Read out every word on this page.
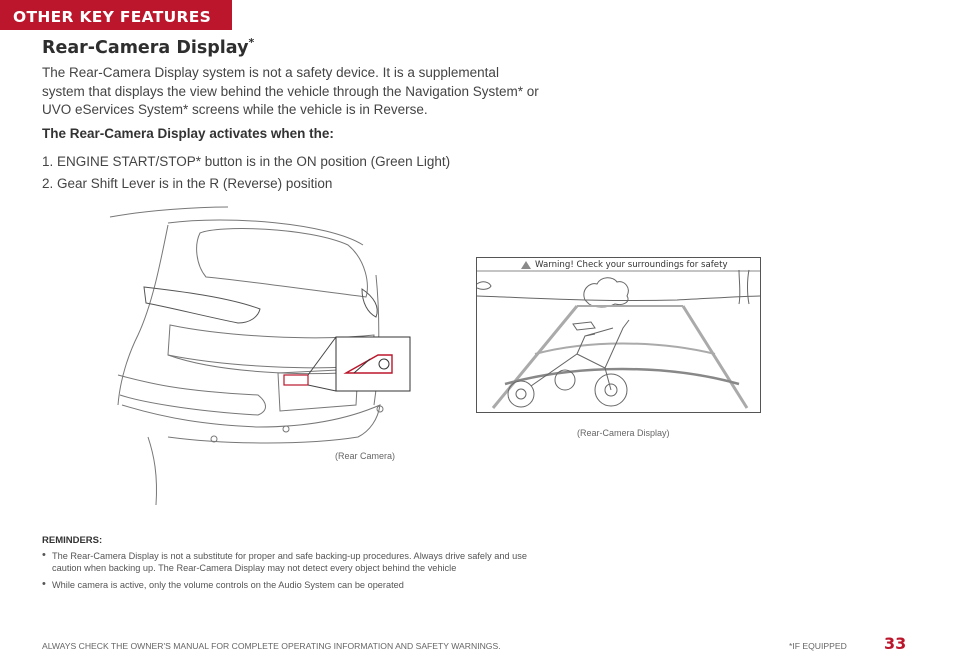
OTHER KEY FEATURES
Rear-Camera Display*

The Rear-Camera Display system is not a safety device. It is a supplemental system that displays the view behind the vehicle through the Navigation System* or UVO eServices System* screens while the vehicle is in Reverse.

The Rear-Camera Display activates when the:

1. ENGINE START/STOP* button is in the ON position (Green Light)
2. Gear Shift Lever is in the R (Reverse) position
(Rear Camera)
Warning! Check your surroundings for safety
(Rear-Camera Display)

REMINDERS:

• The Rear-Camera Display is not a substitute for proper and safe backing-up procedures. Always drive safely and use caution when backing up. The Rear-Camera Display may not detect every object behind the vehicle
• While camera is active, only the volume controls on the Audio System can be operated
ALWAYS CHECK THE OWNER'S MANUAL FOR COMPLETE OPERATING INFORMATION AND SAFETY WARNINGS.	*IF EQUIPPED 33
